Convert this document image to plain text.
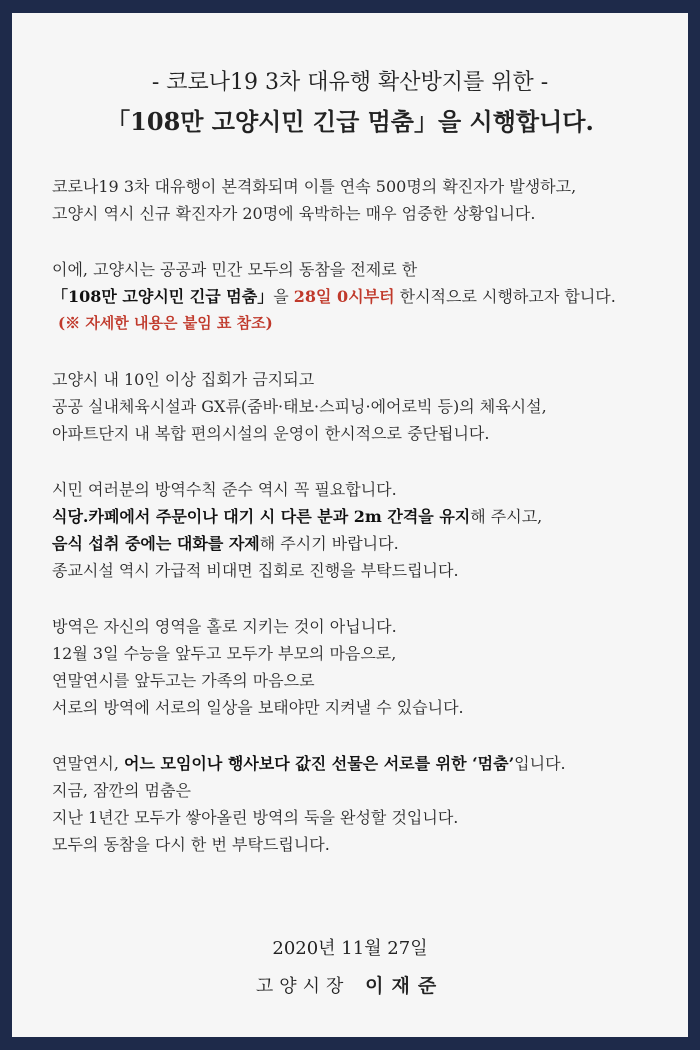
- 코로나19 3차 대유행 확산방지를 위한 -
「108만 고양시민 긴급 멈춤」을 시행합니다.
코로나19 3차 대유행이 본격화되며 이틀 연속 500명의 확진자가 발생하고,
고양시 역시 신규 확진자가 20명에 육박하는 매우 엄중한 상황입니다.
이에, 고양시는 공공과 민간 모두의 동참을 전제로 한
「108만 고양시민 긴급 멈춤」을 28일 0시부터 한시적으로 시행하고자 합니다.
(※ 자세한 내용은 붙임 표 참조)
고양시 내 10인 이상 집회가 금지되고
공공 실내체육시설과 GX류(줌바·태보·스피닝·에어로빅 등)의 체육시설,
아파트단지 내 복합 편의시설의 운영이 한시적으로 중단됩니다.
시민 여러분의 방역수칙 준수 역시 꼭 필요합니다.
식당.카페에서 주문이나 대기 시 다른 분과 2m 간격을 유지해 주시고,
음식 섭취 중에는 대화를 자제해 주시기 바랍니다.
종교시설 역시 가급적 비대면 집회로 진행을 부탁드립니다.
방역은 자신의 영역을 홀로 지키는 것이 아닙니다.
12월 3일 수능을 앞두고 모두가 부모의 마음으로,
연말연시를 앞두고는 가족의 마음으로
서로의 방역에 서로의 일상을 보태야만 지켜낼 수 있습니다.
연말연시, 어느 모임이나 행사보다 값진 선물은 서로를 위한 ‘멈춤’입니다.
지금, 잠깐의 멈춤은
지난 1년간 모두가 쌓아올린 방역의 둑을 완성할 것입니다.
모두의 동참을 다시 한 번 부탁드립니다.
2020년 11월 27일
고양시장 이재준
